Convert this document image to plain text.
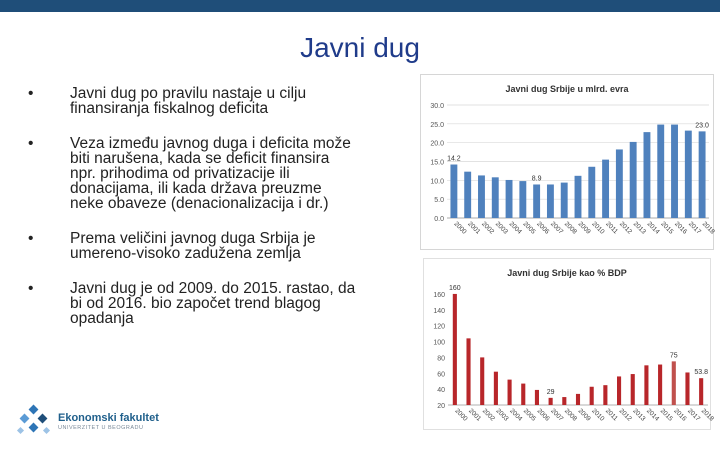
Javni dug
• Javni dug po pravilu nastaje u cilju finansiranja fiskalnog deficita
• Veza između javnog duga i deficita može biti narušena, kada se deficit finansira npr. prihodima od privatizacije ili donacijama, ili kada država preuzme neke obaveze (denacionalizacija i dr.)
• Prema veličini javnog duga Srbija je umereno-visoko zadužena zemlja
• Javni dug je od 2009. do 2015. rastao, da bi od 2016. bio započet trend blagog opadanja
Javni dug Srbije u mlrd. evra
0.0
5.0
10.0
15.0
20.0
25.0
30.0
2000
2001
2002
2003
2004
2005
2006
2007
2008
2009
2010
2011
2012
2013
2014
2015
2016
2017
2018
14.2
8.9
23.0
Javni dug Srbije kao % BDP
20
40
60
80
100
120
140
160
2000
2001
2002
2003
2004
2005
2006
2007
2008
2009
2010
2011
2012
2013
2014
2015
2016
2017
2018
160
29
75
53.8
Ekonomski fakultet
UNIVERZITET U BEOGRADU
